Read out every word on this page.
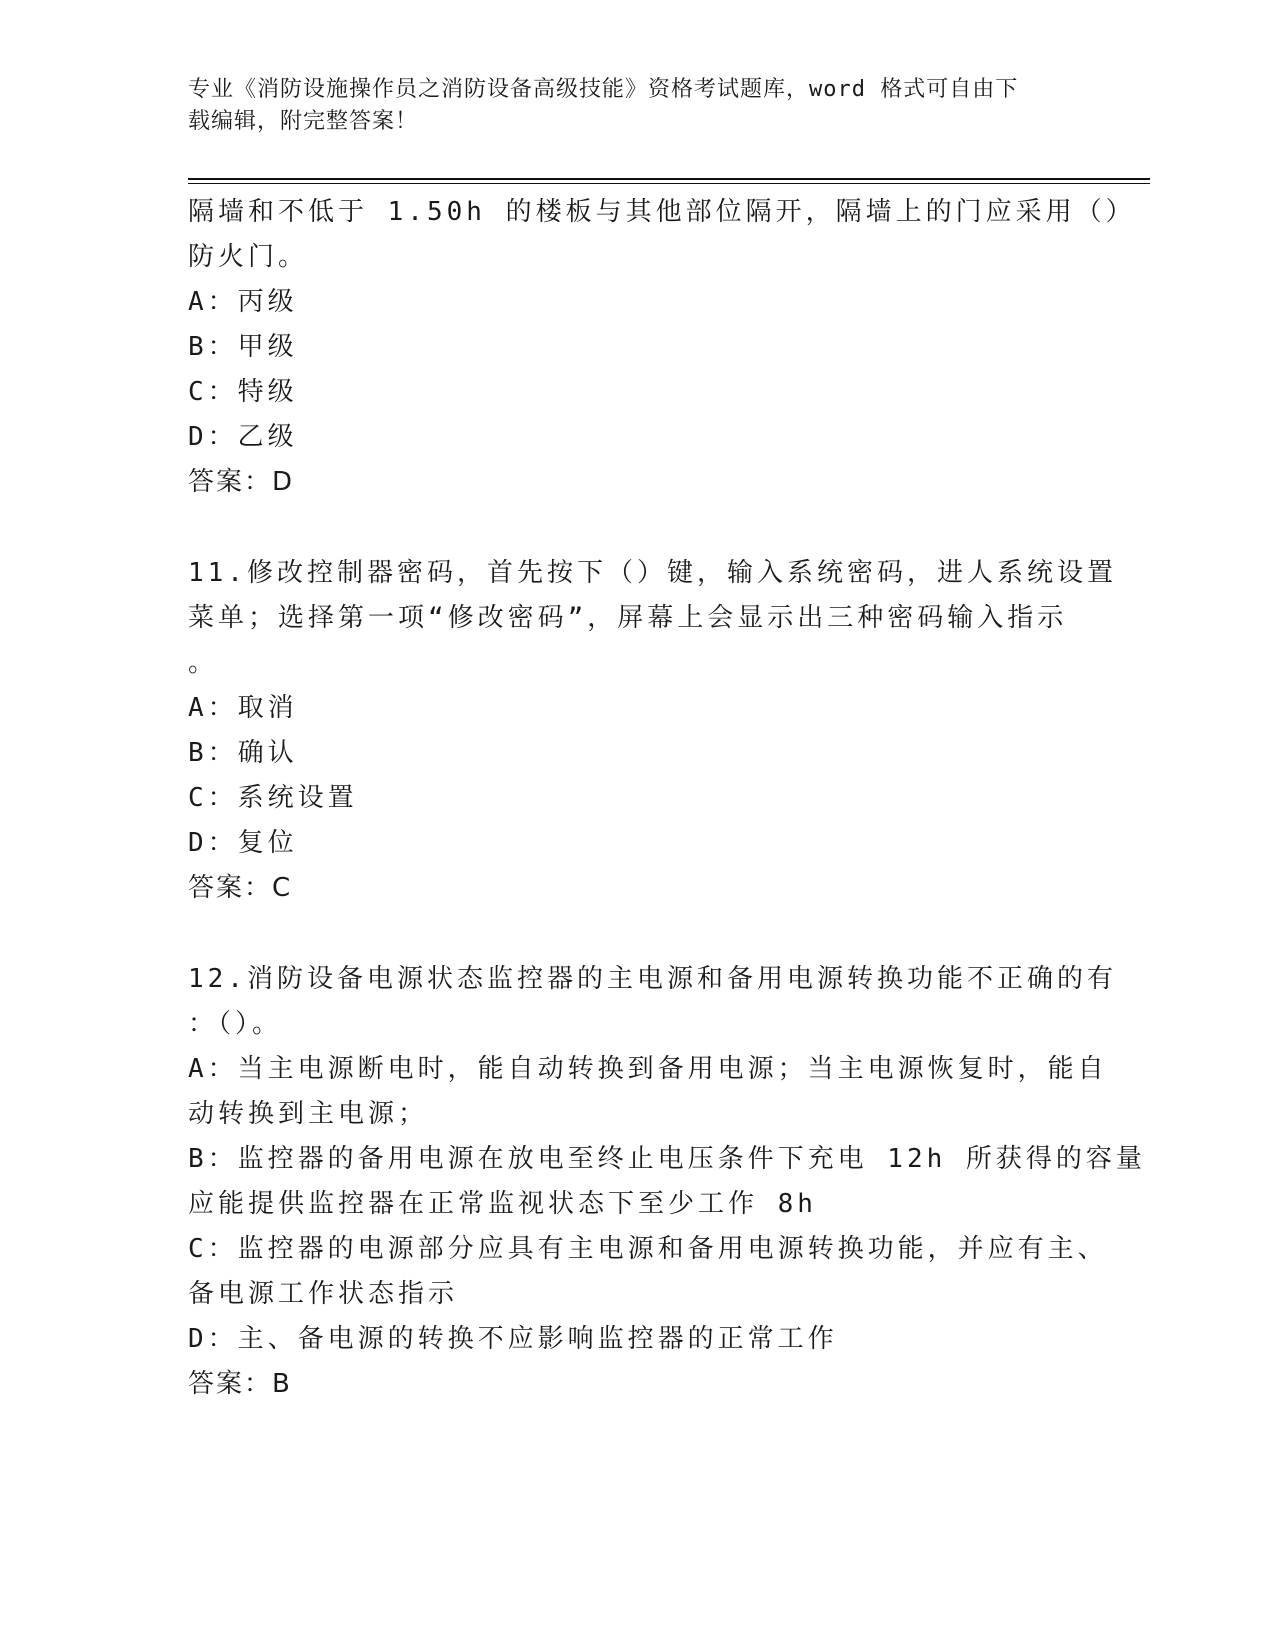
专业《消防设施操作员之消防设备高级技能》资格考试题库，word 格式可自由下
载编辑，附完整答案！
隔墙和不低于 1.50h 的楼板与其他部位隔开，隔墙上的门应采用（）
防火门。
A：丙级
B：甲级
C：特级
D：乙级
答案：D
11.修改控制器密码，首先按下（）键，输入系统密码，进人系统设置
菜单；选择第一项“修改密码”，屏幕上会显示出三种密码输入指示
。
A：取消
B：确认
C：系统设置
D：复位
答案：C
12.消防设备电源状态监控器的主电源和备用电源转换功能不正确的有
：（）。
A：当主电源断电时，能自动转换到备用电源；当主电源恢复时，能自
动转换到主电源；
B：监控器的备用电源在放电至终止电压条件下充电 12h 所获得的容量
应能提供监控器在正常监视状态下至少工作 8h
C：监控器的电源部分应具有主电源和备用电源转换功能，并应有主、
备电源工作状态指示
D：主、备电源的转换不应影响监控器的正常工作
答案：B
